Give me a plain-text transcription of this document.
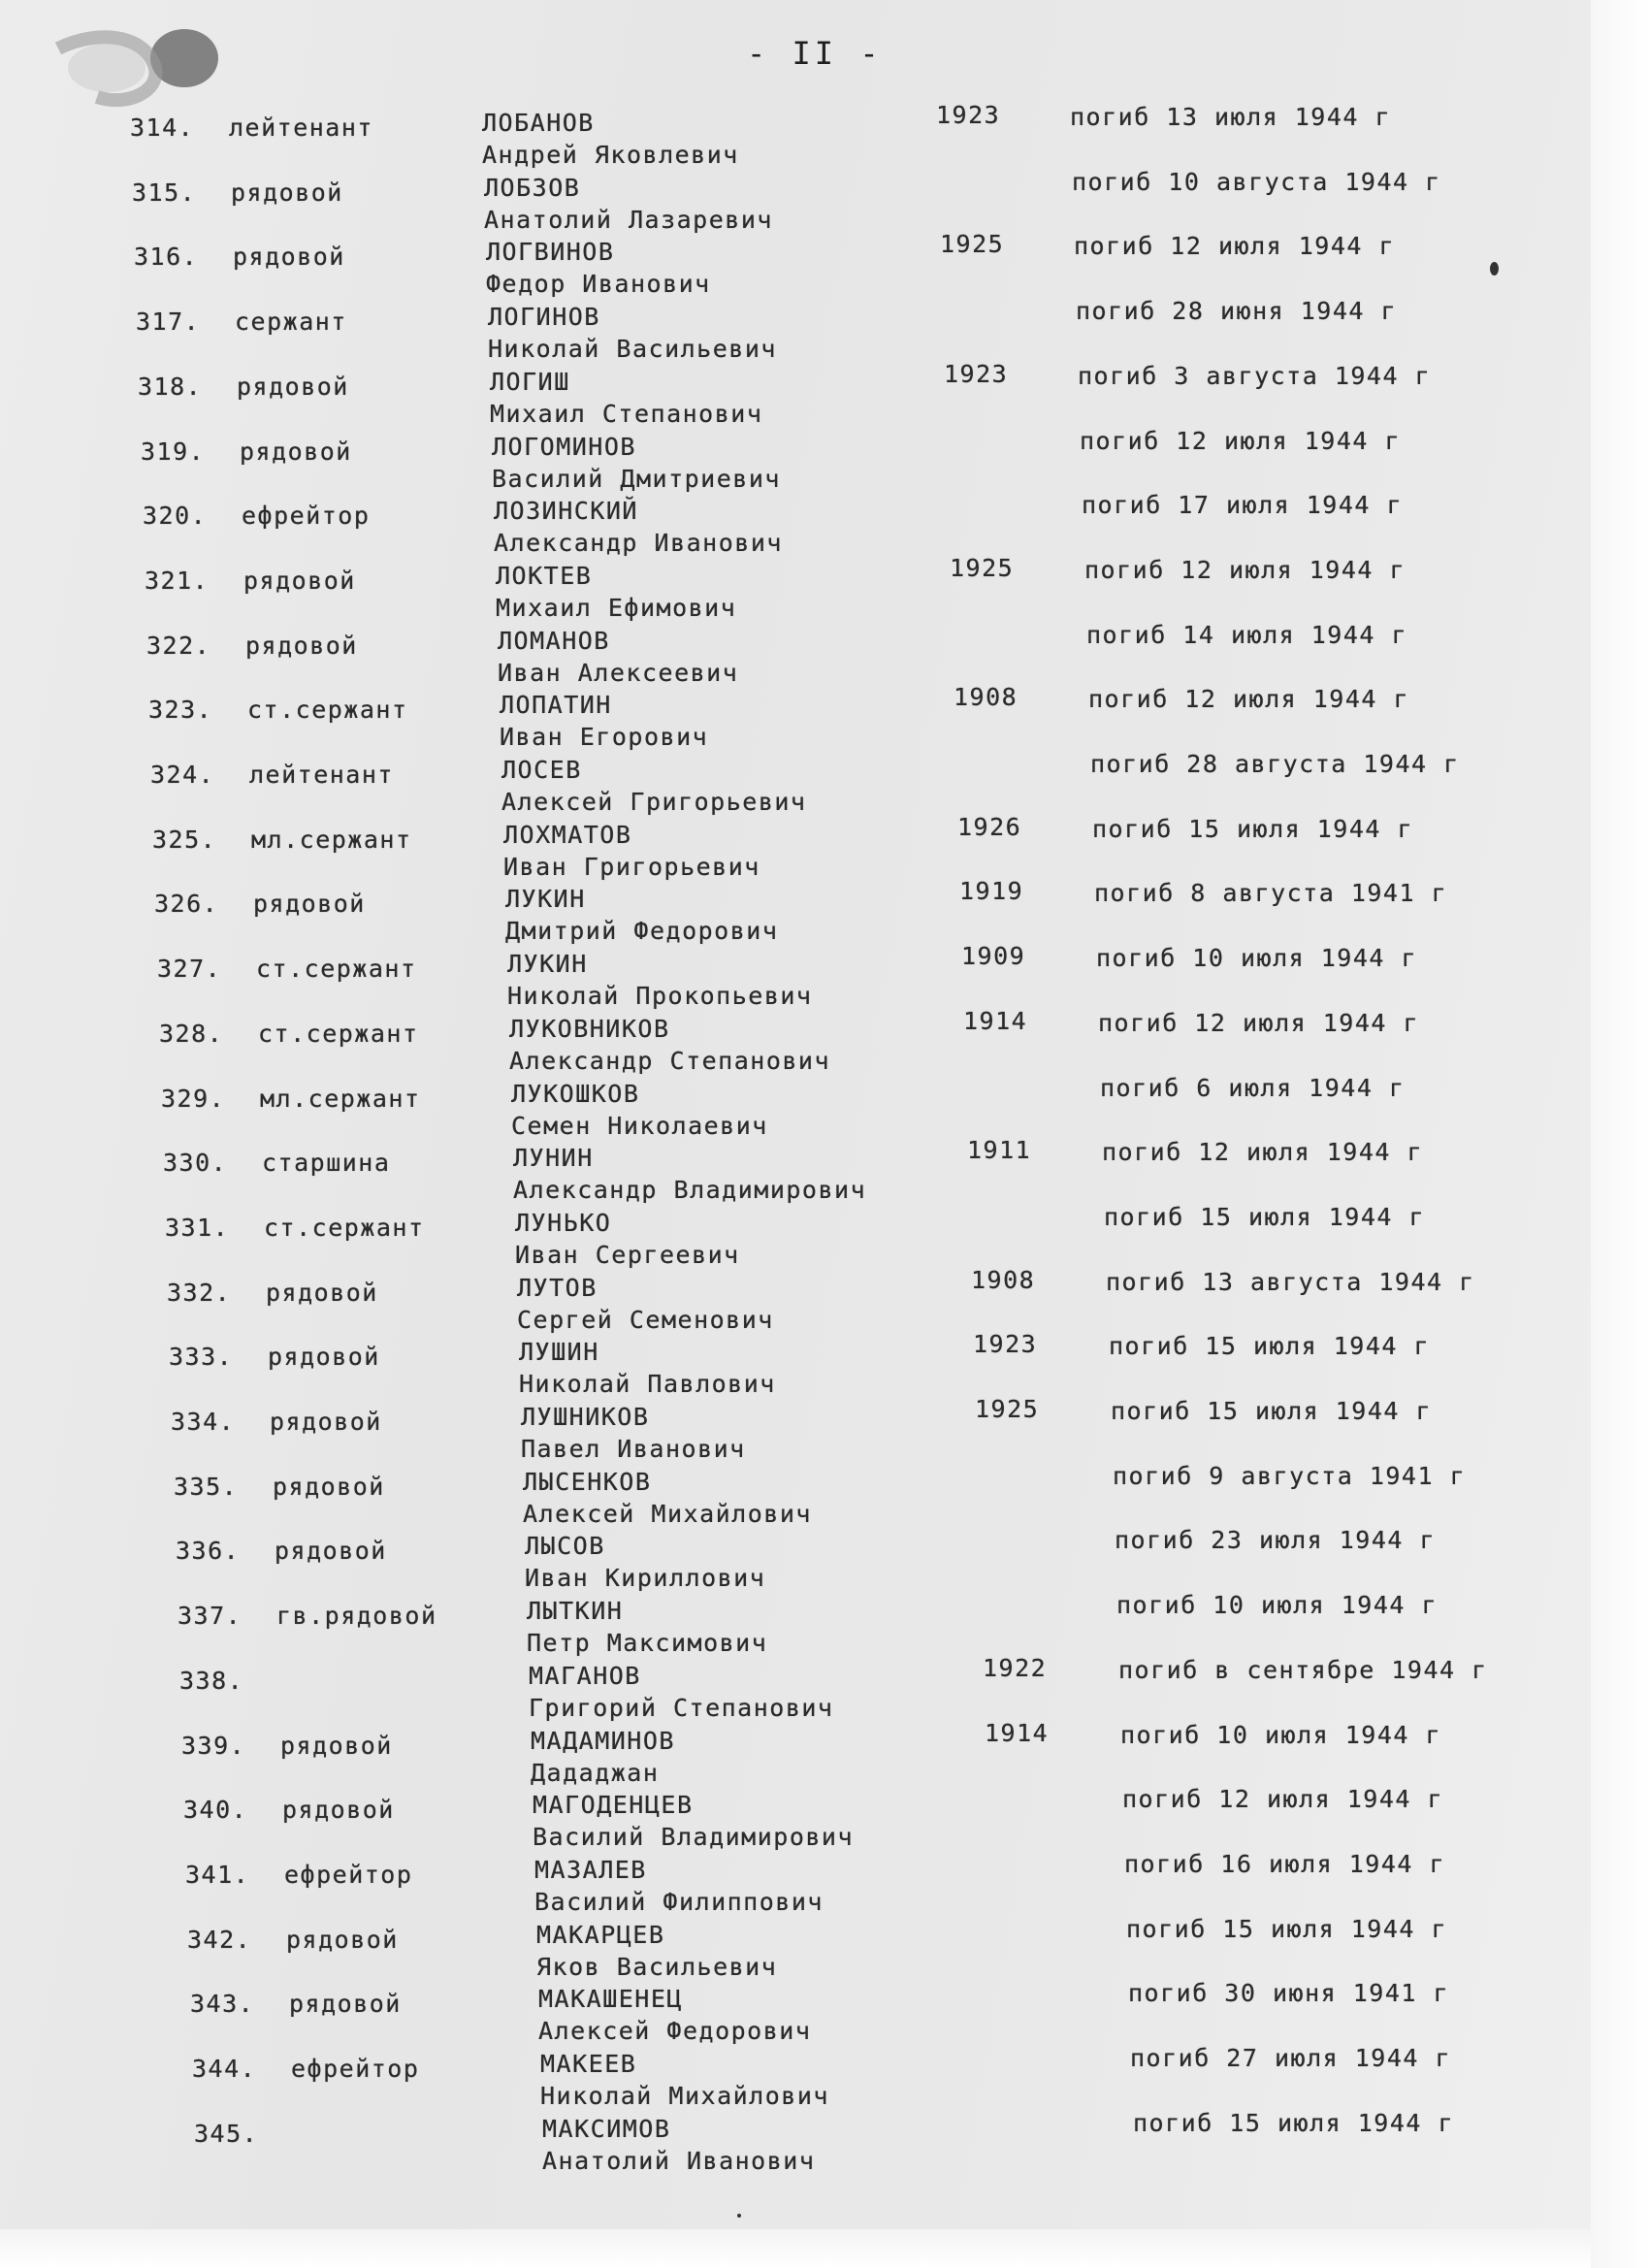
- II -
314. лейтенант	ЛОБАНОВ
Андрей Яковлевич
1923	погиб 13 июля 1944 г
315. рядовой	ЛОБЗОВ
Анатолий Лазаревич
погиб 10 августа 1944 г
316. рядовой	ЛОГВИНОВ
Федор Иванович
1925	погиб 12 июля 1944 г
317. сержант	ЛОГИНОВ
Николай Васильевич
погиб 28 июня 1944 г
318. рядовой	ЛОГИШ
Михаил Степанович
1923	погиб 3 августа 1944 г
319. рядовой	ЛОГОМИНОВ
Василий Дмитриевич
погиб 12 июля 1944 г
320. ефрейтор	ЛОЗИНСКИЙ
Александр Иванович
погиб 17 июля 1944 г
321. рядовой	ЛОКТЕВ
Михаил Ефимович
1925	погиб 12 июля 1944 г
322. рядовой	ЛОМАНОВ
Иван Алексеевич
погиб 14 июля 1944 г
323. ст.сержант	ЛОПАТИН
Иван Егорович
1908	погиб 12 июля 1944 г
324. лейтенант	ЛОСЕВ
Алексей Григорьевич
погиб 28 августа 1944 г
325. мл.сержант	ЛОХМАТОВ
Иван Григорьевич
1926	погиб 15 июля 1944 г
326. рядовой	ЛУКИН
Дмитрий Федорович
1919	погиб 8 августа 1941 г
327. ст.сержант	ЛУКИН
Николай Прокопьевич
1909	погиб 10 июля 1944 г
328. ст.сержант	ЛУКОВНИКОВ
Александр Степанович
1914	погиб 12 июля 1944 г
329. мл.сержант	ЛУКОШКОВ
Семен Николаевич
погиб 6 июля 1944 г
330. старшина	ЛУНИН
Александр Владимирович
1911	погиб 12 июля 1944 г
331. ст.сержант	ЛУНЬКО
Иван Сергеевич
погиб 15 июля 1944 г
332. рядовой	ЛУТОВ
Сергей Семенович
1908	погиб 13 августа 1944 г
333. рядовой	ЛУШИН
Николай Павлович
1923	погиб 15 июля 1944 г
334. рядовой	ЛУШНИКОВ
Павел Иванович
1925	погиб 15 июля 1944 г
335. рядовой	ЛЫСЕНКОВ
Алексей Михайлович
погиб 9 августа 1941 г
336. рядовой	ЛЫСОВ
Иван Кириллович
погиб 23 июля 1944 г
337. гв.рядовой	ЛЫТКИН
Петр Максимович
погиб 10 июля 1944 г
338.	МАГАНОВ
Григорий Степанович
1922	погиб в сентябре 1944 г
339. рядовой	МАДАМИНОВ
Дададжан
1914	погиб 10 июля 1944 г
340. рядовой	МАГОДЕНЦЕВ
Василий Владимирович
погиб 12 июля 1944 г
341. ефрейтор	МАЗАЛЕВ
Василий Филиппович
погиб 16 июля 1944 г
342. рядовой	МАКАРЦЕВ
Яков Васильевич
погиб 15 июля 1944 г
343. рядовой	МАКАШЕНЕЦ
Алексей Федорович
погиб 30 июня 1941 г
344. ефрейтор	МАКЕЕВ
Николай Михайлович
погиб 27 июля 1944 г
345.	МАКСИМОВ
Анатолий Иванович
погиб 15 июля 1944 г
